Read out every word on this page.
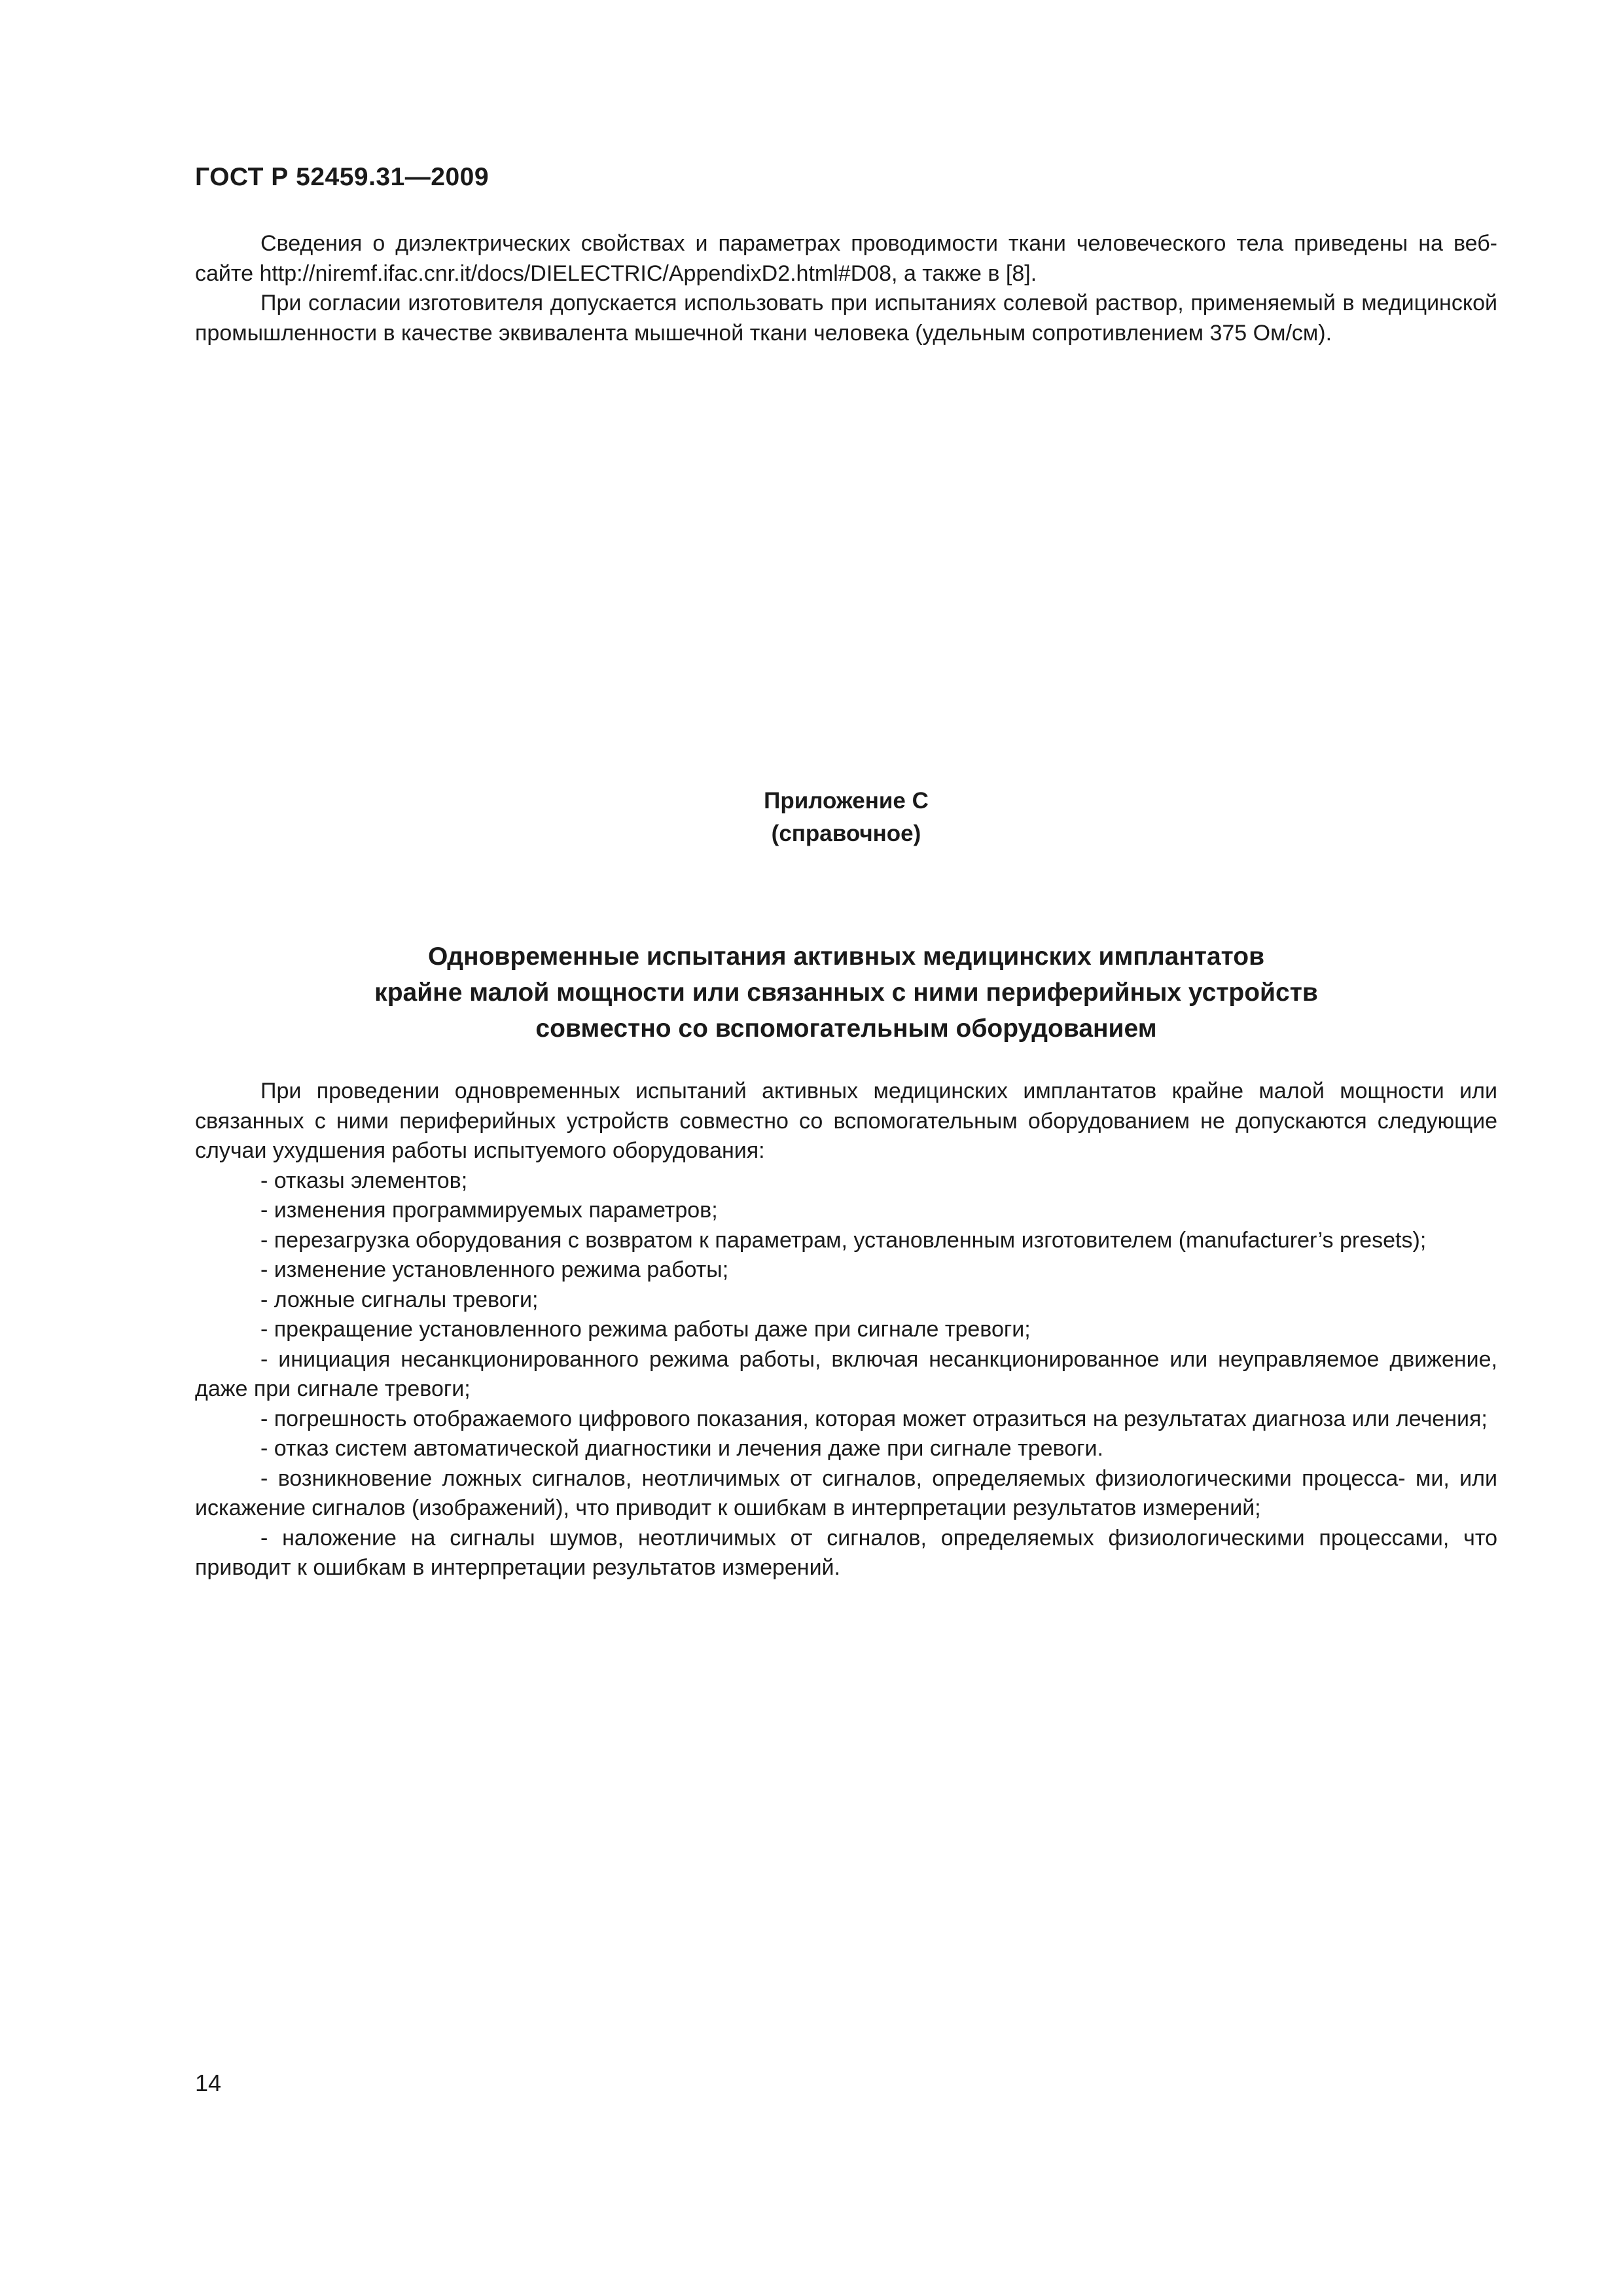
ГОСТ Р 52459.31—2009

Сведения о диэлектрических свойствах и параметрах проводимости ткани человеческого тела приведены на веб-сайте http://niremf.ifac.cnr.it/docs/DIELECTRIC/AppendixD2.html#D08, а также в [8].

При согласии изготовителя допускается использовать при испытаниях солевой раствор, применяемый в медицинской промышленности в качестве эквивалента мышечной ткани человека (удельным сопротивлением 375 Ом/см).

Приложение С
(справочное)
Одновременные испытания активных медицинских имплантатов
крайне малой мощности или связанных с ними периферийных устройств
совместно со вспомогательным оборудованием

При проведении одновременных испытаний активных медицинских имплантатов крайне малой мощности или связанных с ними периферийных устройств совместно со вспомогательным оборудованием не допускаются следующие случаи ухудшения работы испытуемого оборудования:

- отказы элементов;
- изменения программируемых параметров;
- перезагрузка оборудования с возвратом к параметрам, установленным изготовителем (manufacturer’s presets);
- изменение установленного режима работы;
- ложные сигналы тревоги;
- прекращение установленного режима работы даже при сигнале тревоги;
- инициация несанкционированного режима работы, включая несанкционированное или неуправляемое движение, даже при сигнале тревоги;
- погрешность отображаемого цифрового показания, которая может отразиться на результатах диагноза или лечения;
- отказ систем автоматической диагностики и лечения даже при сигнале тревоги.
- возникновение ложных сигналов, неотличимых от сигналов, определяемых физиологическими процесса- ми, или искажение сигналов (изображений), что приводит к ошибкам в интерпретации результатов измерений;
- наложение на сигналы шумов, неотличимых от сигналов, определяемых физиологическими процессами, что приводит к ошибкам в интерпретации результатов измерений.
14
